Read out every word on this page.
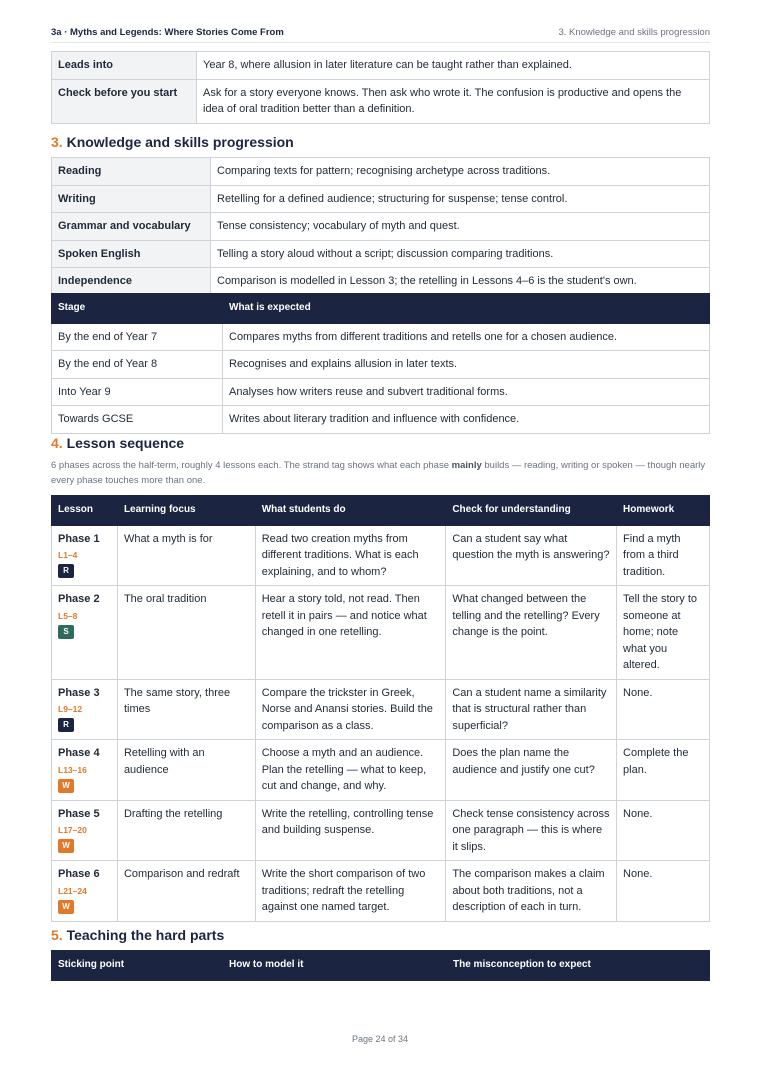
3a · Myths and Legends: Where Stories Come From	3. Knowledge and skills progression
Leads into	Year 8, where allusion in later literature can be taught rather than explained.
Check before you start	Ask for a story everyone knows. Then ask who wrote it. The confusion is productive and opens the idea of oral tradition better than a definition.
3. Knowledge and skills progression
Reading	Comparing texts for pattern; recognising archetype across traditions.
Writing	Retelling for a defined audience; structuring for suspense; tense control.
Grammar and vocabulary	Tense consistency; vocabulary of myth and quest.
Spoken English	Telling a story aloud without a script; discussion comparing traditions.
Independence	Comparison is modelled in Lesson 3; the retelling in Lessons 4–6 is the student's own.
Stage	What is expected
By the end of Year 7	Compares myths from different traditions and retells one for a chosen audience.
By the end of Year 8	Recognises and explains allusion in later texts.
Into Year 9	Analyses how writers reuse and subvert traditional forms.
Towards GCSE	Writes about literary tradition and influence with confidence.
4. Lesson sequence
6 phases across the half-term, roughly 4 lessons each. The strand tag shows what each phase mainly builds — reading, writing or spoken — though nearly every phase touches more than one.
Lesson	Learning focus	What students do	Check for understanding	Homework

Phase 1
L1–4
R	What a myth is for	Read two creation myths from different traditions. What is each explaining, and to whom?	Can a student say what question the myth is answering?	Find a myth from a third tradition.

Phase 2
L5–8
S	The oral tradition	Hear a story told, not read. Then retell it in pairs — and notice what changed in one retelling.	What changed between the telling and the retelling? Every change is the point.	Tell the story to someone at home; note what you altered.

Phase 3
L9–12
R	The same story, three times	Compare the trickster in Greek, Norse and Anansi stories. Build the comparison as a class.	Can a student name a similarity that is structural rather than superficial?	None.

Phase 4
L13–16
W	Retelling with an audience	Choose a myth and an audience. Plan the retelling — what to keep, cut and change, and why.	Does the plan name the audience and justify one cut?	Complete the plan.

Phase 5
L17–20
W	Drafting the retelling	Write the retelling, controlling tense and building suspense.	Check tense consistency across one paragraph — this is where it slips.	None.

Phase 6
L21–24
W	Comparison and redraft	Write the short comparison of two traditions; redraft the retelling against one named target.	The comparison makes a claim about both traditions, not a description of each in turn.	None.
5. Teaching the hard parts
Sticking point	How to model it	The misconception to expect
Page 24 of 34
